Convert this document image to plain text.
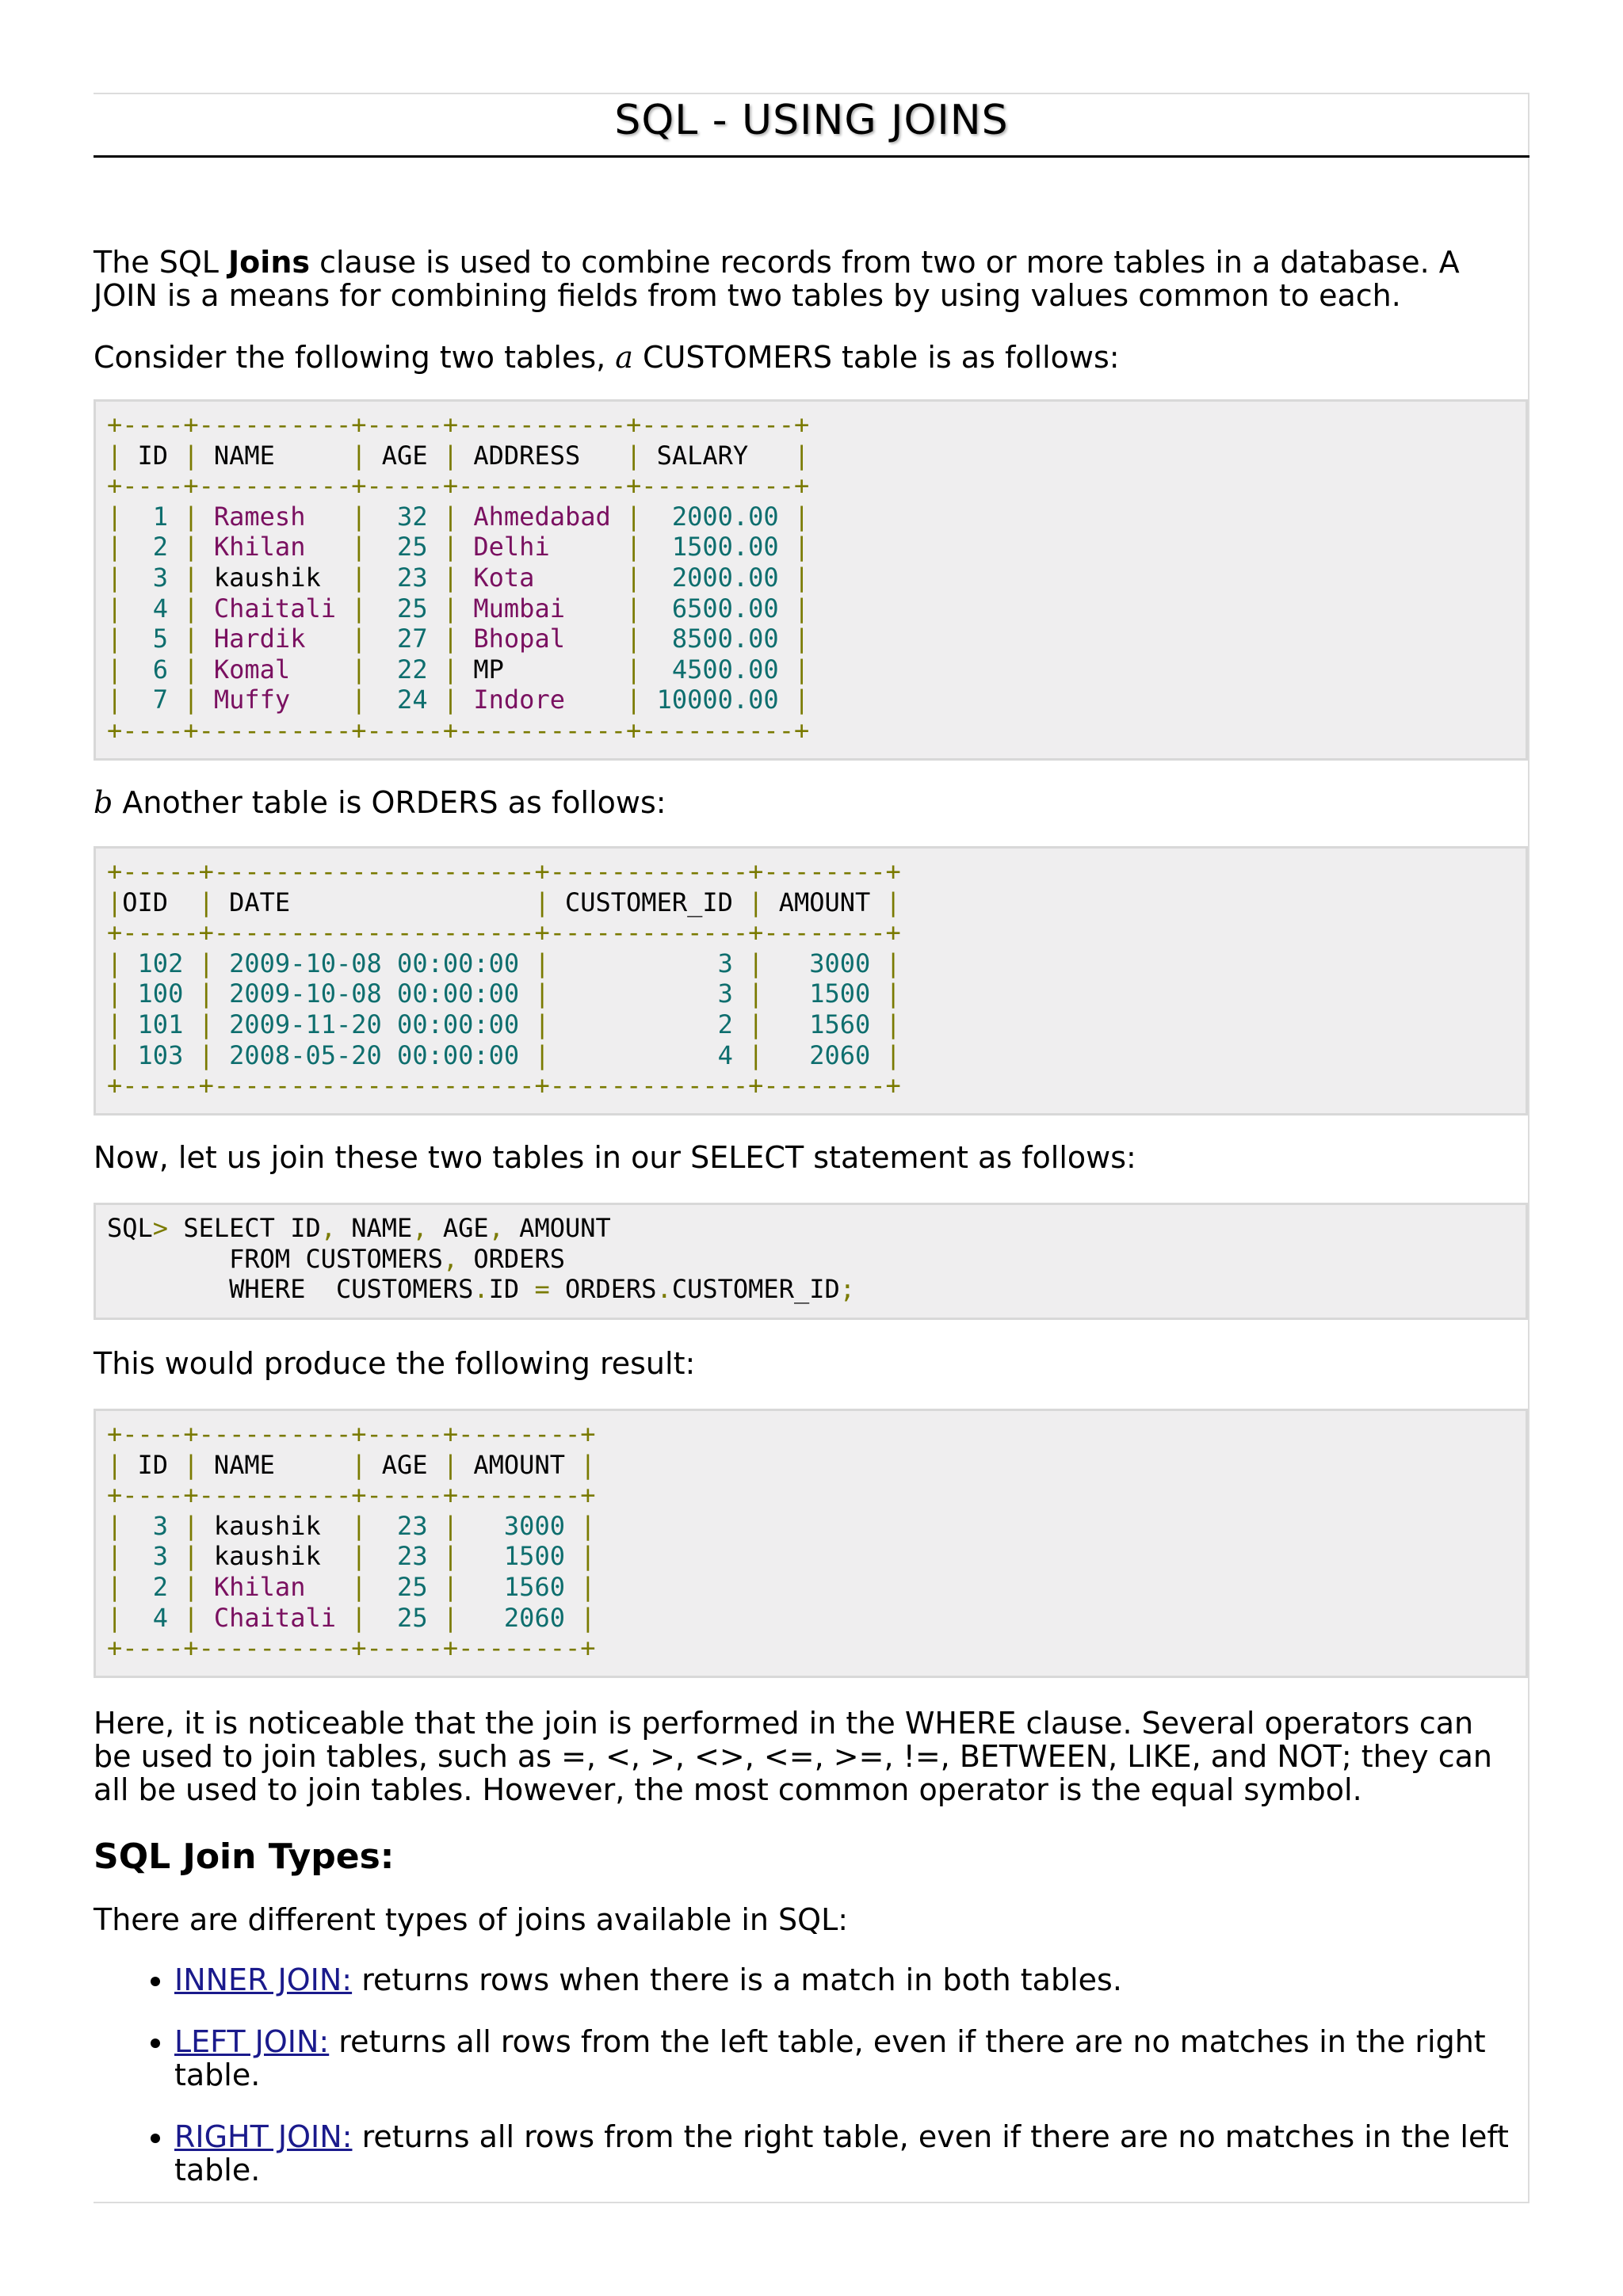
SQL - USING JOINS

The SQL Joins clause is used to combine records from two or more tables in a database. A JOIN is a means for combining fields from two tables by using values common to each.

Consider the following two tables, a CUSTOMERS table is as follows:

+----+----------+-----+-----------+----------+
| ID | NAME     | AGE | ADDRESS   | SALARY   |
+----+----------+-----+-----------+----------+
|  1 | Ramesh   |  32 | Ahmedabad |  2000.00 |
|  2 | Khilan   |  25 | Delhi     |  1500.00 |
|  3 | kaushik  |  23 | Kota      |  2000.00 |
|  4 | Chaitali |  25 | Mumbai    |  6500.00 |
|  5 | Hardik   |  27 | Bhopal    |  8500.00 |
|  6 | Komal    |  22 | MP        |  4500.00 |
|  7 | Muffy    |  24 | Indore    | 10000.00 |
+----+----------+-----+-----------+----------+

b Another table is ORDERS as follows:

+-----+---------------------+-------------+--------+
|OID  | DATE                | CUSTOMER_ID | AMOUNT |
+-----+---------------------+-------------+--------+
| 102 | 2009-10-08 00:00:00 |           3 |   3000 |
| 100 | 2009-10-08 00:00:00 |           3 |   1500 |
| 101 | 2009-11-20 00:00:00 |           2 |   1560 |
| 103 | 2008-05-20 00:00:00 |           4 |   2060 |
+-----+---------------------+-------------+--------+

Now, let us join these two tables in our SELECT statement as follows:

SQL> SELECT ID, NAME, AGE, AMOUNT
FROM CUSTOMERS, ORDERS
WHERE  CUSTOMERS.ID = ORDERS.CUSTOMER_ID;

This would produce the following result:

+----+----------+-----+--------+
| ID | NAME     | AGE | AMOUNT |
+----+----------+-----+--------+
|  3 | kaushik  |  23 |   3000 |
|  3 | kaushik  |  23 |   1500 |
|  2 | Khilan   |  25 |   1560 |
|  4 | Chaitali |  25 |   2060 |
+----+----------+-----+--------+

Here, it is noticeable that the join is performed in the WHERE clause. Several operators can be used to join tables, such as =, <, >, <>, <=, >=, !=, BETWEEN, LIKE, and NOT; they can all be used to join tables. However, the most common operator is the equal symbol.

SQL Join Types:

There are different types of joins available in SQL:

• INNER JOIN: returns rows when there is a match in both tables.
• LEFT JOIN: returns all rows from the left table, even if there are no matches in the right table.
• RIGHT JOIN: returns all rows from the right table, even if there are no matches in the left table.
